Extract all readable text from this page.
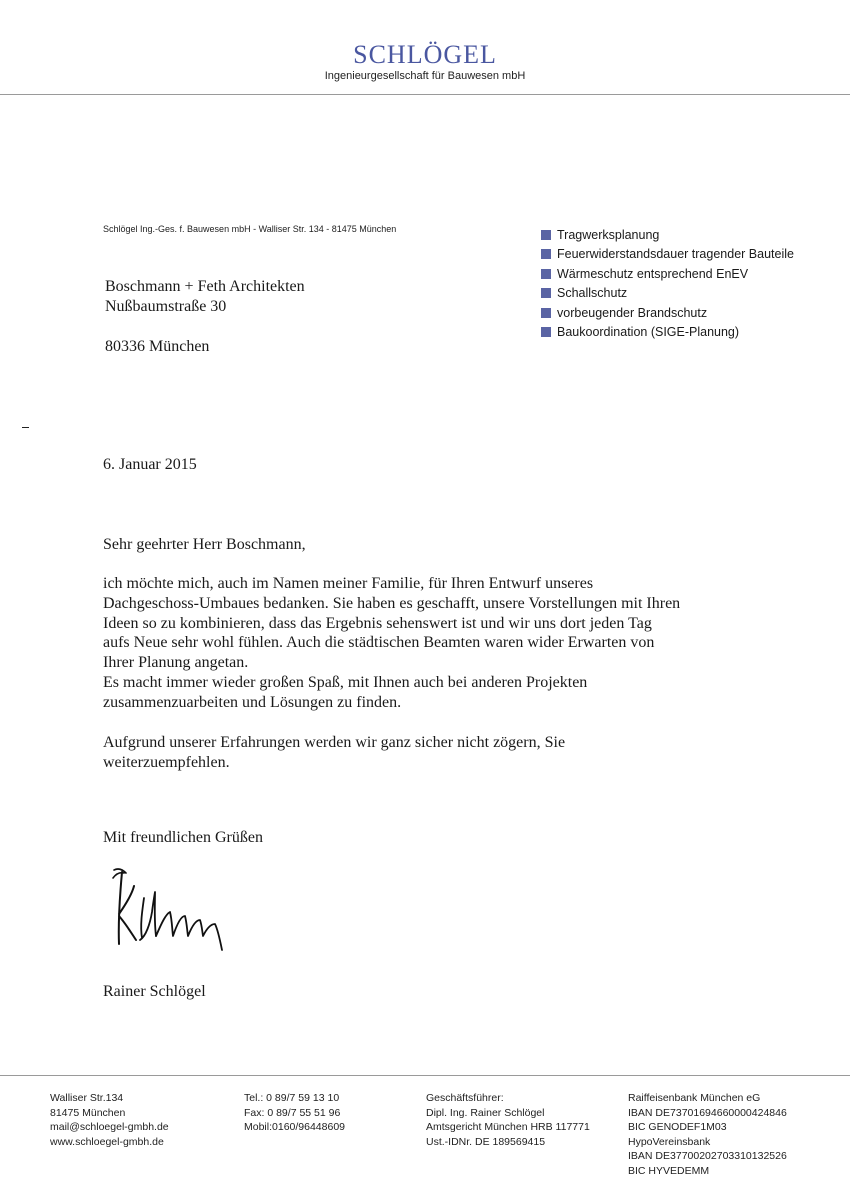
SCHLÖGEL
Ingenieurgesellschaft für Bauwesen mbH
Schlögel Ing.-Ges. f. Bauwesen mbH - Walliser Str. 134 - 81475 München
Boschmann + Feth Architekten
Nußbaumstraße 30
80336 München
Tragwerksplanung
Feuerwiderstandsdauer tragender Bauteile
Wärmeschutz entsprechend EnEV
Schallschutz
vorbeugender Brandschutz
Baukoordination (SIGE-Planung)
6. Januar 2015
Sehr geehrter Herr Boschmann,
ich möchte mich, auch im Namen meiner Familie, für Ihren Entwurf unseres
Dachgeschoss-Umbaues bedanken. Sie haben es geschafft, unsere Vorstellungen mit Ihren
Ideen so zu kombinieren, dass das Ergebnis sehenswert ist und wir uns dort jeden Tag
aufs Neue sehr wohl fühlen. Auch die städtischen Beamten waren wider Erwarten von
Ihrer Planung angetan.
Es macht immer wieder großen Spaß, mit Ihnen auch bei anderen Projekten
zusammenzuarbeiten und Lösungen zu finden.
Aufgrund unserer Erfahrungen werden wir ganz sicher nicht zögern, Sie
weiterzuempfehlen.
Mit freundlichen Grüßen
Rainer Schlögel
Walliser Str.134
81475 München
mail@schloegel-gmbh.de
www.schloegel-gmbh.de
Tel.: 0 89/7 59 13 10
Fax: 0 89/7 55 51 96
Mobil:0160/96448609
Geschäftsführer:
Dipl. Ing. Rainer Schlögel
Amtsgericht München HRB 117771
Ust.-IDNr. DE 189569415
Raiffeisenbank München eG
IBAN DE73701694660000424846
BIC GENODEF1M03
HypoVereinsbank
IBAN DE37700202703310132526
BIC HYVEDEMM
